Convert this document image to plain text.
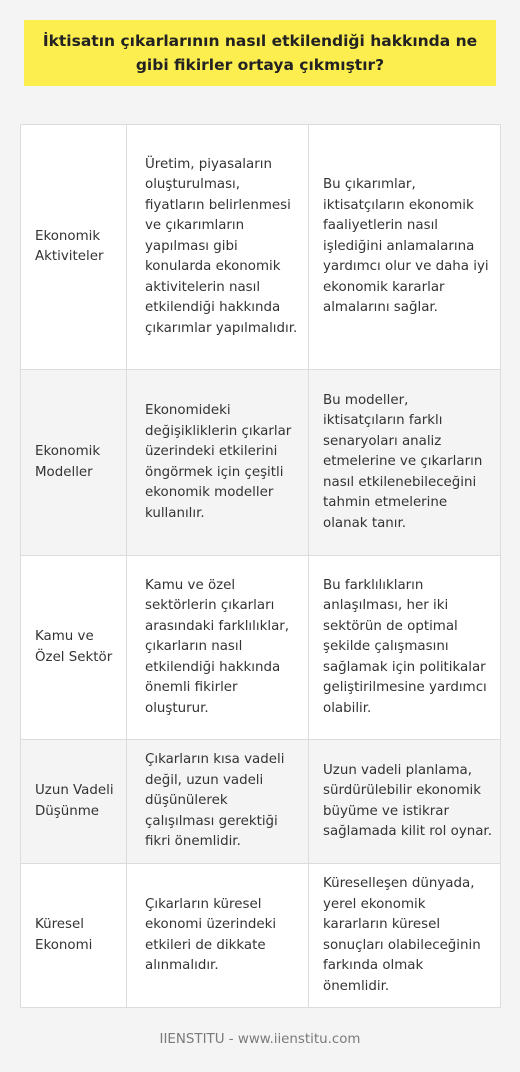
İktisatın çıkarlarının nasıl etkilendiği hakkında ne gibi fikirler ortaya çıkmıştır?
Ekonomik Aktiviteler	Üretim, piyasaların oluşturulması, fiyatların belirlenmesi ve çıkarımların yapılması gibi konularda ekonomik aktivitelerin nasıl etkilendiği hakkında çıkarımlar yapılmalıdır.	Bu çıkarımlar, iktisatçıların ekonomik faaliyetlerin nasıl işlediğini anlamalarına yardımcı olur ve daha iyi ekonomik kararlar almalarını sağlar.
Ekonomik Modeller	Ekonomideki değişikliklerin çıkarlar üzerindeki etkilerini öngörmek için çeşitli ekonomik modeller kullanılır.	Bu modeller, iktisatçıların farklı senaryoları analiz etmelerine ve çıkarların nasıl etkilenebileceğini tahmin etmelerine olanak tanır.
Kamu ve Özel Sektör	Kamu ve özel sektörlerin çıkarları arasındaki farklılıklar, çıkarların nasıl etkilendiği hakkında önemli fikirler oluşturur.	Bu farklılıkların anlaşılması, her iki sektörün de optimal şekilde çalışmasını sağlamak için politikalar geliştirilmesine yardımcı olabilir.
Uzun Vadeli Düşünme	Çıkarların kısa vadeli değil, uzun vadeli düşünülerek çalışılması gerektiği fikri önemlidir.	Uzun vadeli planlama, sürdürülebilir ekonomik büyüme ve istikrar sağlamada kilit rol oynar.
Küresel Ekonomi	Çıkarların küresel ekonomi üzerindeki etkileri de dikkate alınmalıdır.	Küreselleşen dünyada, yerel ekonomik kararların küresel sonuçları olabileceğinin farkında olmak önemlidir.
IIENSTITU - www.iienstitu.com
